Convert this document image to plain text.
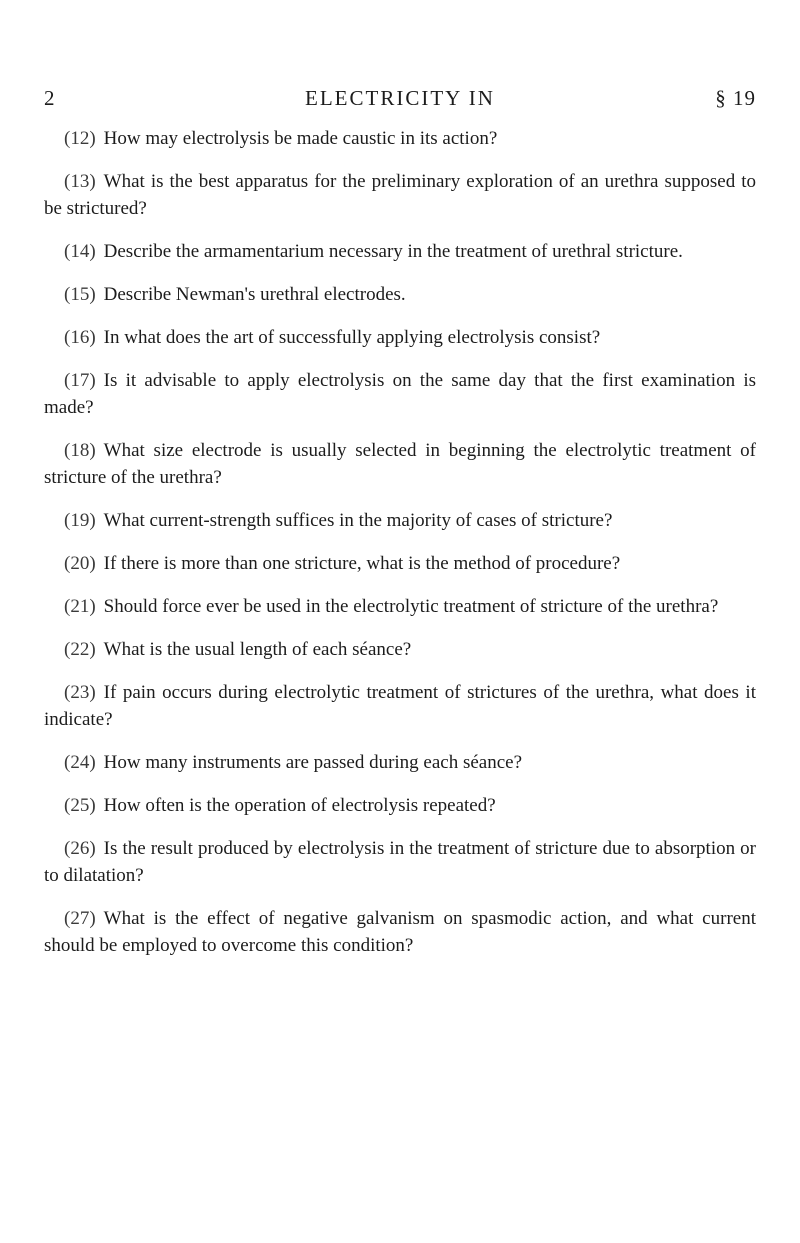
2	ELECTRICITY IN	§ 19
(12) How may electrolysis be made caustic in its action?
(13) What is the best apparatus for the preliminary exploration of an urethra supposed to be strictured?
(14) Describe the armamentarium necessary in the treatment of urethral stricture.
(15) Describe Newman's urethral electrodes.
(16) In what does the art of successfully applying electrolysis consist?
(17) Is it advisable to apply electrolysis on the same day that the first examination is made?
(18) What size electrode is usually selected in beginning the electrolytic treatment of stricture of the urethra?
(19) What current-strength suffices in the majority of cases of stricture?
(20) If there is more than one stricture, what is the method of procedure?
(21) Should force ever be used in the electrolytic treatment of stricture of the urethra?
(22) What is the usual length of each séance?
(23) If pain occurs during electrolytic treatment of strictures of the urethra, what does it indicate?
(24) How many instruments are passed during each séance?
(25) How often is the operation of electrolysis repeated?
(26) Is the result produced by electrolysis in the treatment of stricture due to absorption or to dilatation?
(27) What is the effect of negative galvanism on spasmodic action, and what current should be employed to overcome this condition?
